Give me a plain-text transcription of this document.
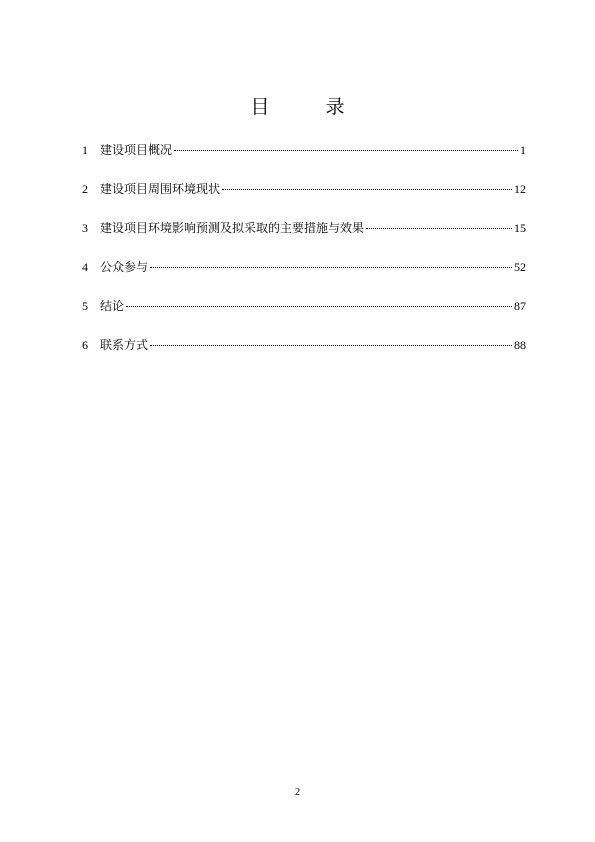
目	录
1	建设项目概况	1
2	建设项目周围环境现状	12
3	建设项目环境影响预测及拟采取的主要措施与效果	15
4	公众参与	52
5	结论	87
6	联系方式	88
2
